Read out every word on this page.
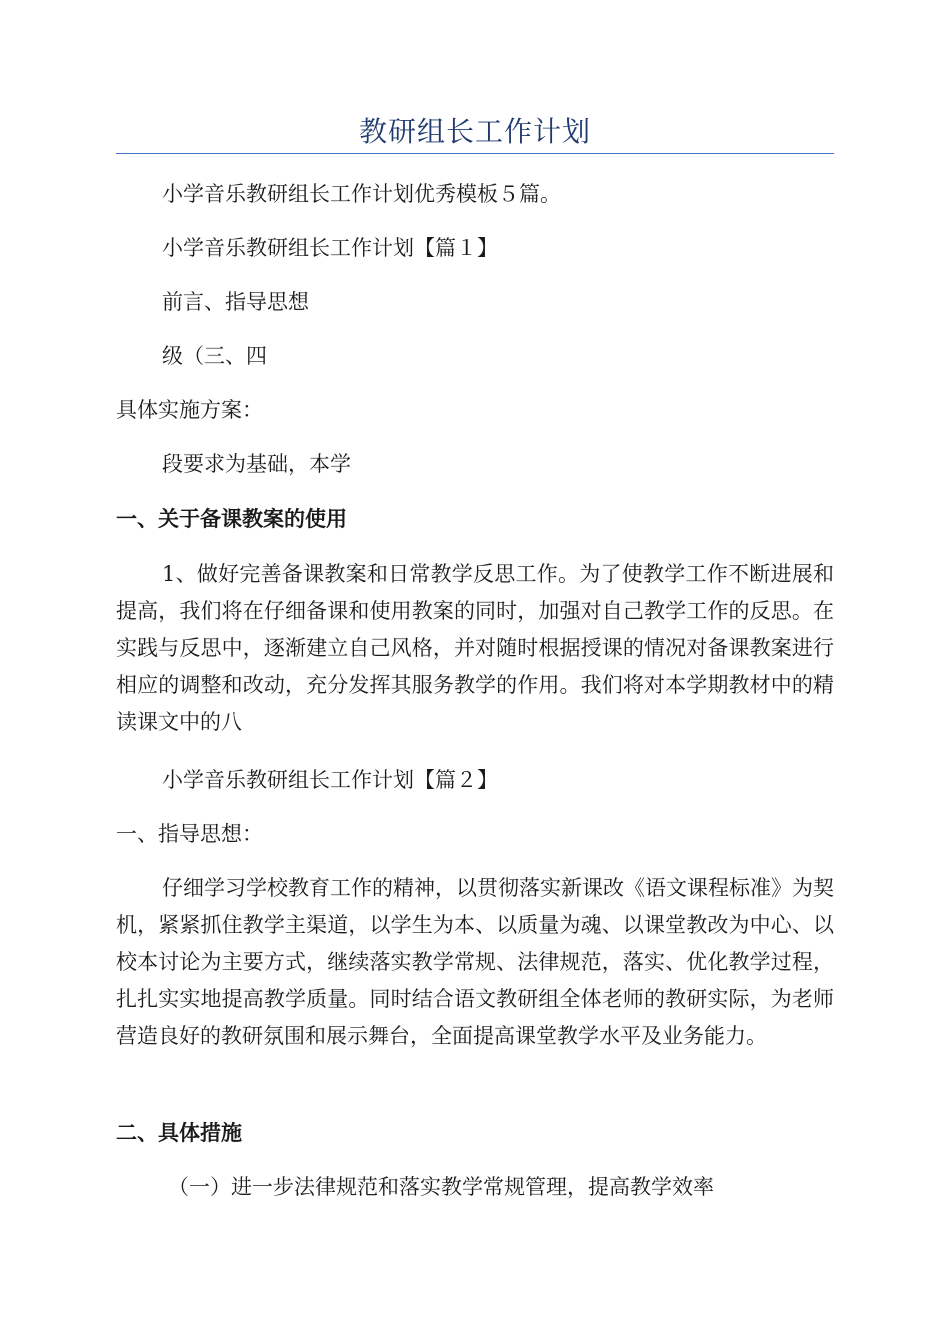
教研组长工作计划
小学音乐教研组长工作计划优秀模板５篇。
小学音乐教研组长工作计划【篇１】
前言、指导思想
级（三、四
具体实施方案：
段要求为基础，本学
一、关于备课教案的使用
1、做好完善备课教案和日常教学反思工作。为了使教学工作不断进展和提高，我们将在仔细备课和使用教案的同时，加强对自己教学工作的反思。在实践与反思中，逐渐建立自己风格，并对随时根据授课的情况对备课教案进行相应的调整和改动，充分发挥其服务教学的作用。我们将对本学期教材中的精读课文中的八
小学音乐教研组长工作计划【篇２】
一、指导思想：
仔细学习学校教育工作的精神，以贯彻落实新课改《语文课程标准》为契机，紧紧抓住教学主渠道，以学生为本、以质量为魂、以课堂教改为中心、以校本讨论为主要方式，继续落实教学常规、法律规范，落实、优化教学过程，扎扎实实地提高教学质量。同时结合语文教研组全体老师的教研实际，为老师营造良好的教研氛围和展示舞台，全面提高课堂教学水平及业务能力。
二、具体措施
（一）进一步法律规范和落实教学常规管理，提高教学效率
